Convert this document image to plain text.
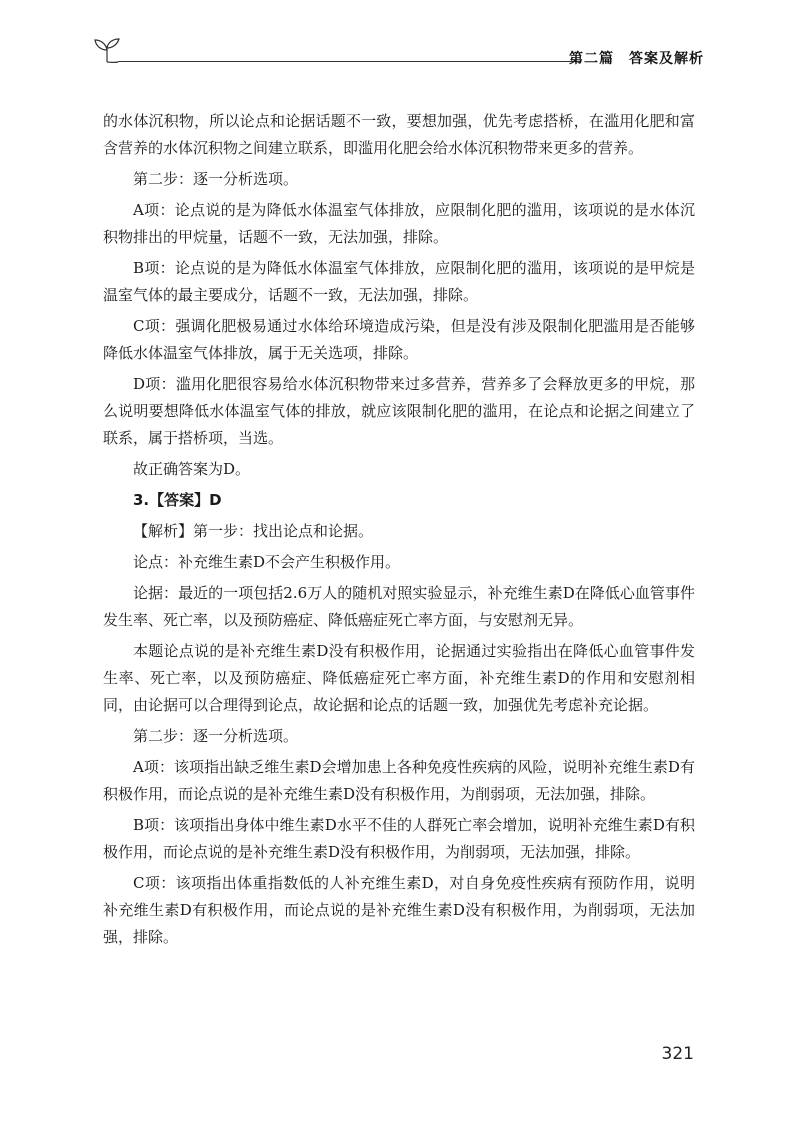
第二篇　答案及解析

的水体沉积物，所以论点和论据话题不一致，要想加强，优先考虑搭桥，在滥用化肥和富含营养的水体沉积物之间建立联系，即滥用化肥会给水体沉积物带来更多的营养。

第二步：逐一分析选项。

A项：论点说的是为降低水体温室气体排放，应限制化肥的滥用，该项说的是水体沉积物排出的甲烷量，话题不一致，无法加强，排除。

B项：论点说的是为降低水体温室气体排放，应限制化肥的滥用，该项说的是甲烷是温室气体的最主要成分，话题不一致，无法加强，排除。

C项：强调化肥极易通过水体给环境造成污染，但是没有涉及限制化肥滥用是否能够降低水体温室气体排放，属于无关选项，排除。

D项：滥用化肥很容易给水体沉积物带来过多营养，营养多了会释放更多的甲烷，那么说明要想降低水体温室气体的排放，就应该限制化肥的滥用，在论点和论据之间建立了联系，属于搭桥项，当选。

故正确答案为D。

3.【答案】D

【解析】第一步：找出论点和论据。

论点：补充维生素D不会产生积极作用。

论据：最近的一项包括2.6万人的随机对照实验显示，补充维生素D在降低心血管事件发生率、死亡率，以及预防癌症、降低癌症死亡率方面，与安慰剂无异。

本题论点说的是补充维生素D没有积极作用，论据通过实验指出在降低心血管事件发生率、死亡率，以及预防癌症、降低癌症死亡率方面，补充维生素D的作用和安慰剂相同，由论据可以合理得到论点，故论据和论点的话题一致，加强优先考虑补充论据。

第二步：逐一分析选项。

A项：该项指出缺乏维生素D会增加患上各种免疫性疾病的风险，说明补充维生素D有积极作用，而论点说的是补充维生素D没有积极作用，为削弱项，无法加强，排除。

B项：该项指出身体中维生素D水平不佳的人群死亡率会增加，说明补充维生素D有积极作用，而论点说的是补充维生素D没有积极作用，为削弱项，无法加强，排除。

C项：该项指出体重指数低的人补充维生素D，对自身免疫性疾病有预防作用，说明补充维生素D有积极作用，而论点说的是补充维生素D没有积极作用，为削弱项，无法加强，排除。

321
